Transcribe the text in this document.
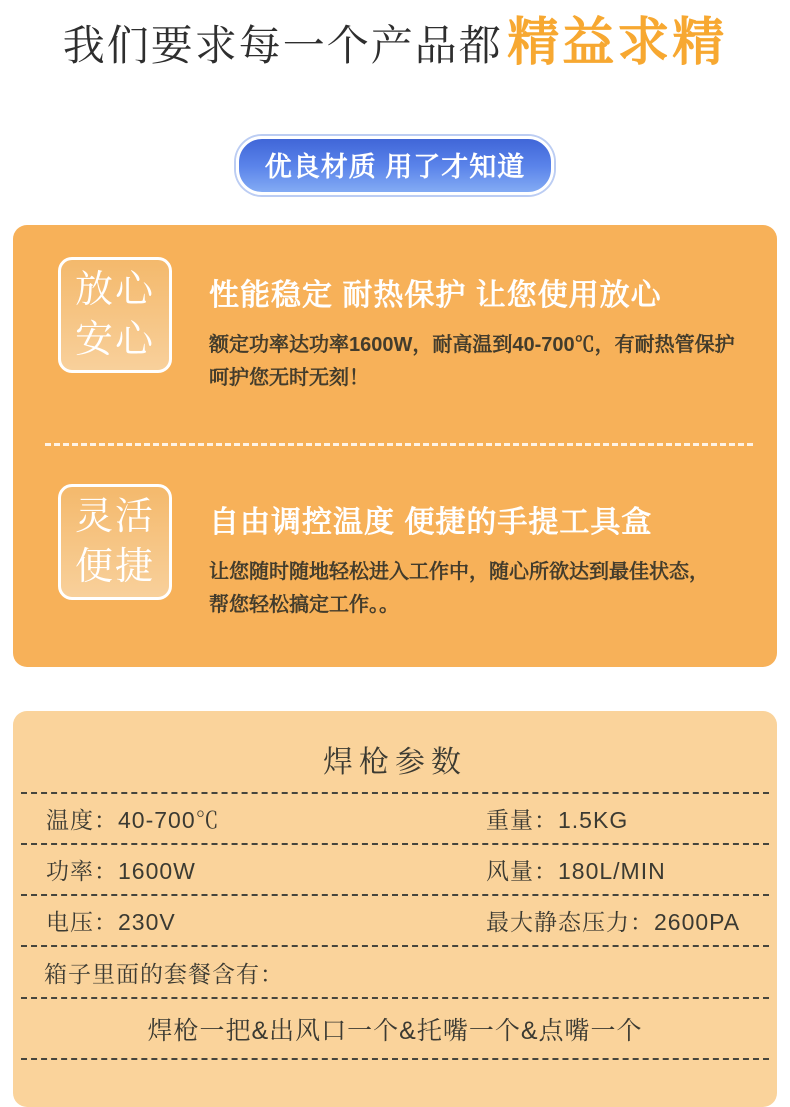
我们要求每一个产品都 精益求精

优良材质 用了才知道
放心
安心
性能稳定 耐热保护 让您使用放心
额定功率达功率1600W，耐高温到40-700℃，有耐热管保护
呵护您无时无刻！
灵活
便捷
自由调控温度 便捷的手提工具盒
让您随时随地轻松进入工作中，随心所欲达到最佳状态，
帮您轻松搞定工作。。
焊枪参数
温度：40-700℃	重量：1.5KG
功率：1600W	风量：180L/MIN
电压：230V	最大静态压力：2600PA
箱子里面的套餐含有：
焊枪一把&出风口一个&托嘴一个&点嘴一个
